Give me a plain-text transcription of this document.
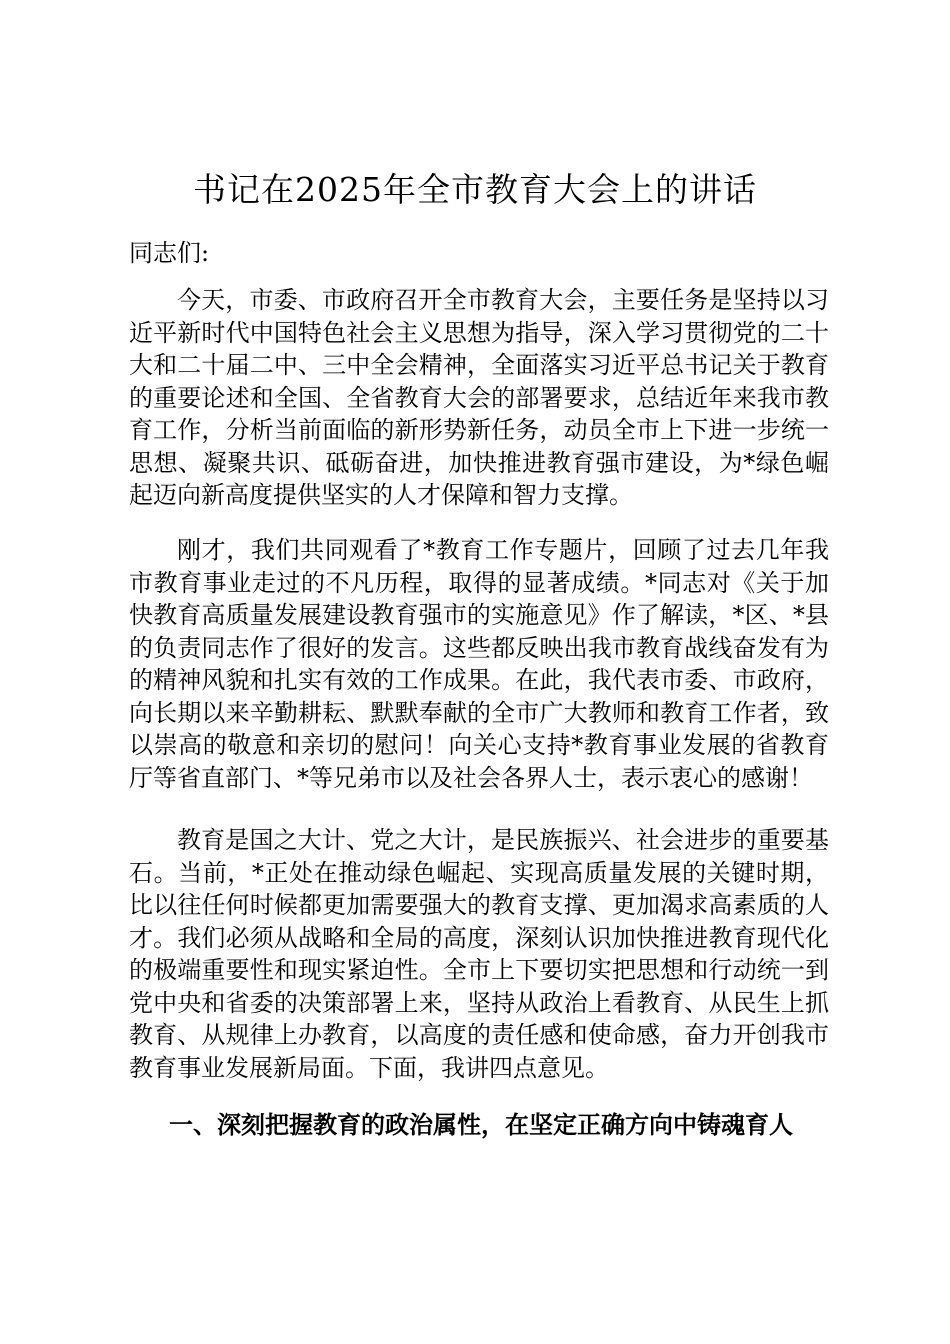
书记在2025年全市教育大会上的讲话
同志们:

今天，市委、市政府召开全市教育大会，主要任务是坚持以习近平新时代中国特色社会主义思想为指导，深入学习贯彻党的二十大和二十届二中、三中全会精神，全面落实习近平总书记关于教育的重要论述和全国、全省教育大会的部署要求，总结近年来我市教育工作，分析当前面临的新形势新任务，动员全市上下进一步统一思想、凝聚共识、砥砺奋进，加快推进教育强市建设，为*绿色崛起迈向新高度提供坚实的人才保障和智力支撑。

刚才，我们共同观看了*教育工作专题片，回顾了过去几年我市教育事业走过的不凡历程，取得的显著成绩。*同志对《关于加快教育高质量发展建设教育强市的实施意见》作了解读，*区、*县的负责同志作了很好的发言。这些都反映出我市教育战线奋发有为的精神风貌和扎实有效的工作成果。在此，我代表市委、市政府，向长期以来辛勤耕耘、默默奉献的全市广大教师和教育工作者，致以崇高的敬意和亲切的慰问！向关心支持*教育事业发展的省教育厅等省直部门、*等兄弟市以及社会各界人士，表示衷心的感谢！

教育是国之大计、党之大计，是民族振兴、社会进步的重要基石。当前，*正处在推动绿色崛起、实现高质量发展的关键时期，比以往任何时候都更加需要强大的教育支撑、更加渴求高素质的人才。我们必须从战略和全局的高度，深刻认识加快推进教育现代化的极端重要性和现实紧迫性。全市上下要切实把思想和行动统一到党中央和省委的决策部署上来，坚持从政治上看教育、从民生上抓教育、从规律上办教育，以高度的责任感和使命感，奋力开创我市教育事业发展新局面。下面，我讲四点意见。

一、深刻把握教育的政治属性，在坚定正确方向中铸魂育人
